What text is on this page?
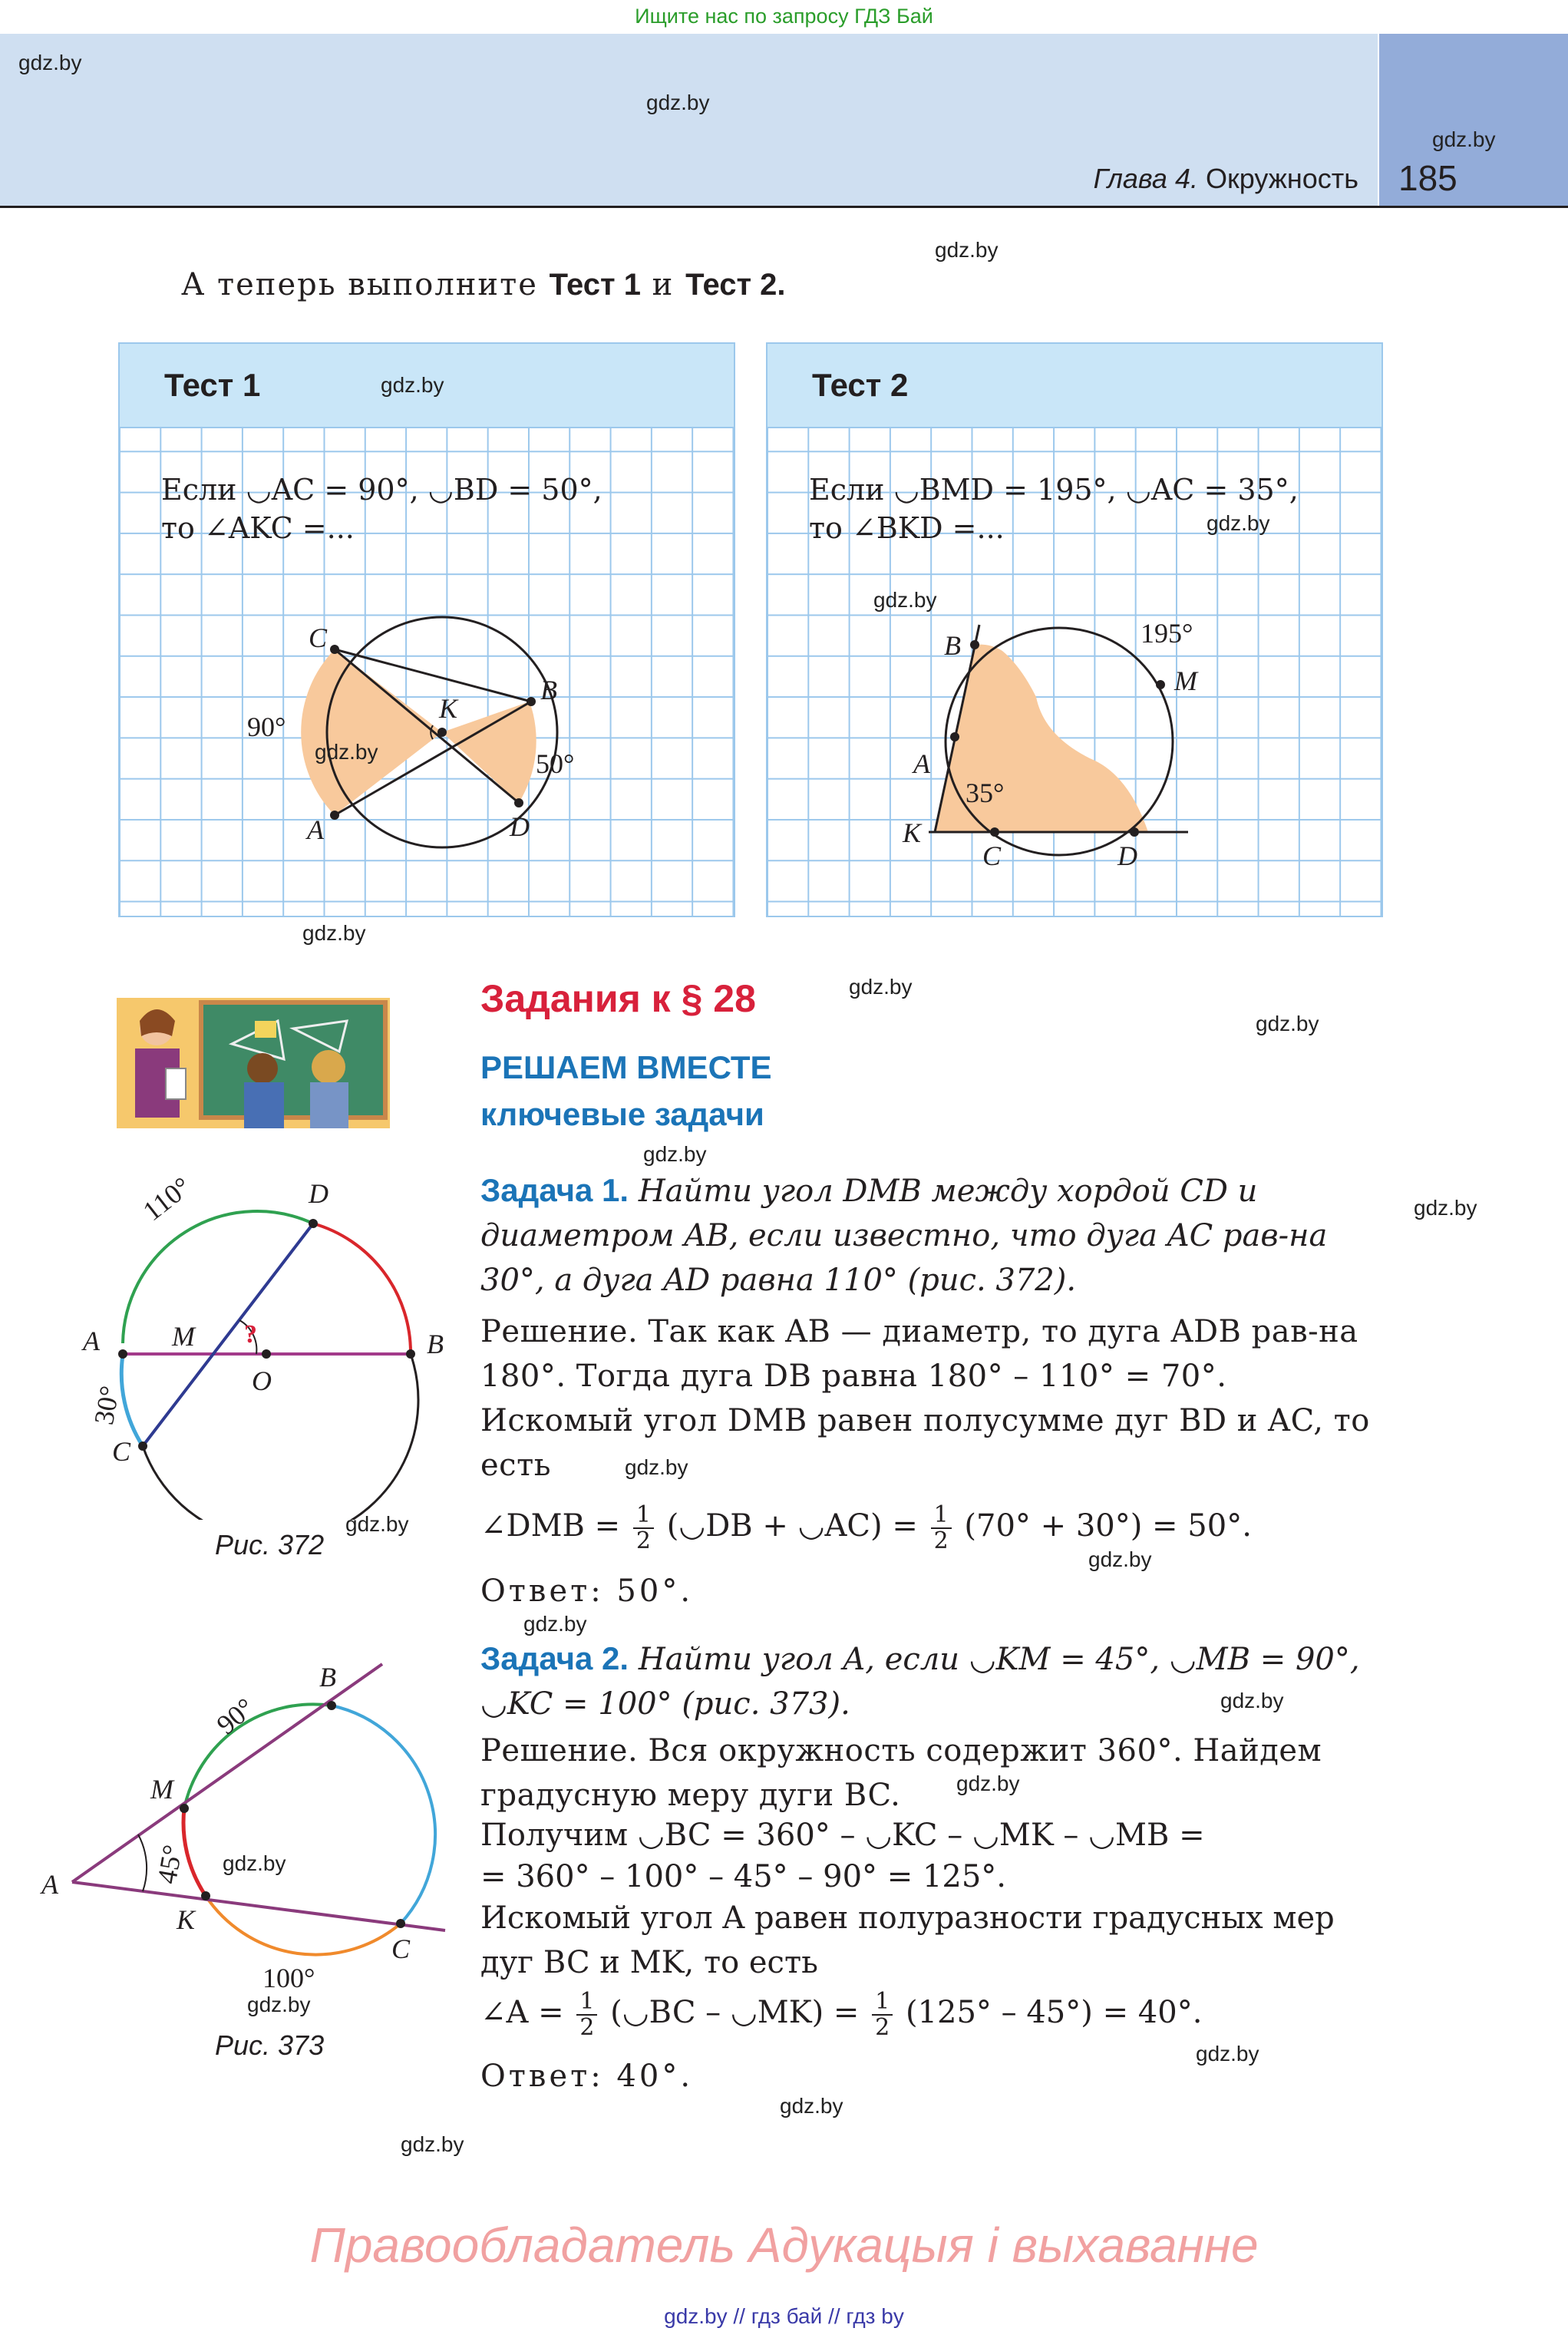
Ищите нас по запросу ГДЗ Бай
Глава 4. Окружность 185
gdz.by
gdz.by
gdz.by
gdz.by
gdz.by
gdz.by
gdz.by
gdz.by
gdz.by
gdz.by
gdz.by
gdz.by
gdz.by
gdz.by
gdz.by
gdz.by
gdz.by
gdz.by
gdz.by
gdz.by
А теперь выполните Тест 1 и Тест 2.
Тест 1	gdz.by
Если ◡AC = 90°, ◡BD = 50°,
то ∠AKC =...
C
B
K
A	D
90°
50°
gdz.by
Тест 2
Если ◡BMD = 195°, ◡AC = 35°,
то ∠BKD =...
B
A
K
C	D
M
195°
35°
gdz.by
gdz.by
Задания к § 28
РЕШАЕМ ВМЕСТЕ
ключевые задачи
D
A	M ?
O
B
C
110°
30°
Рис. 372
B
M
A
K
C
90°
45°
100°
Рис. 373
Задача 1. Найти угол DMB между хордой CD и диаметром AB, если известно, что дуга AC рав-на 30°, а дуга AD равна 110° (рис. 372).
Решение. Так как AB — диаметр, то дуга ADB рав-на 180°. Тогда дуга DB равна 180° – 110° = 70°. Искомый угол DMB равен полусумме дуг BD и AC, то есть
∠DMB = $\frac{1}{2}$ (◡DB + ◡AC) = $\frac{1}{2} (70^\circ + 30^\circ) = 50^\circ$.
Ответ: 50°.
Задача 2. Найти угол A, если ◡KM = 45°, ◡MB = 90°, ◡KC = 100° (рис. 373).
Решение. Вся окружность содержит 360°. Найдем градусную меру дуги BC.
Получим ◡BC = 360° – ◡KC – ◡MK – ◡MB =
= 360° – 100° – 45° – 90° = 125°.
Искомый угол A равен полуразности градусных мер дуг BC и MK, то есть
∠A = $\frac{1}{2}$ (◡BC – ◡MK) = $\frac{1}{2} (125^\circ - 45^\circ) = 40^\circ$.
Ответ: 40°.
Правообладатель Адукацыя і выхаванне
gdz.by // гдз бай // гдз by
